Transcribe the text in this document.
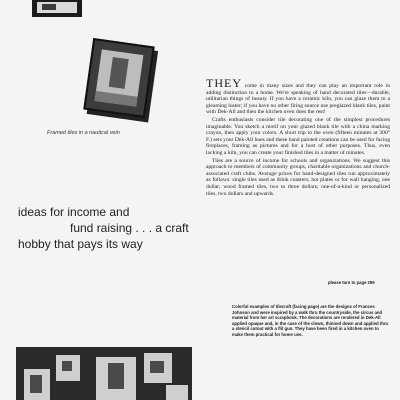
Framed tiles in a nautical vein

THEY come in many sizes and they can play an important role in adding distinction to a home. We're speaking of hand decorated tiles—durable, utilitarian things of beauty. If you have a ceramic kiln, you can glaze them to a gleaming luster; if you have no other firing source use preglazed blank tiles, paint with Dek-All and then the kitchen oven does the rest!

Crafts enthusiasts consider tile decorating one of the simplest procedures imaginable. You sketch a motif on your glazed blank tile with a china marking crayon, then apply your colors. A short trip to the oven (fifteen minutes at 300° F.) sets your Dek-All hues and these hand painted creations can be used for facing fireplaces, framing as pictures and for a host of other purposes. Thus, even lacking a kiln, you can create your finished tiles in a matter of minutes.

Tiles are a source of income for schools and organizations. We suggest this approach to members of community groups, charitable organizations and church-associated craft clubs. Average prices for hand-designed tiles run approximately as follows: single tiles used as drink coasters, hot plates or for wall hanging, one dollar; wood framed tiles, two to three dollars; one-of-a-kind or personalized tiles, two dollars and upwards.

ideas for income and
fund raising . . . a craft
hobby that pays its way
please turn to page 299
Colorful examples of tilecraft (facing page) are the designs of Frances Johnson and were inspired by a walk thru the countryside, the circus and material from her art scrapbook. The decorations are rendered in Dek-All applied opaque and, in the case of the clown, thinned down and applied thru a stencil cutout with a flit gun. They have been fired in a kitchen oven to make them practical for home use.
